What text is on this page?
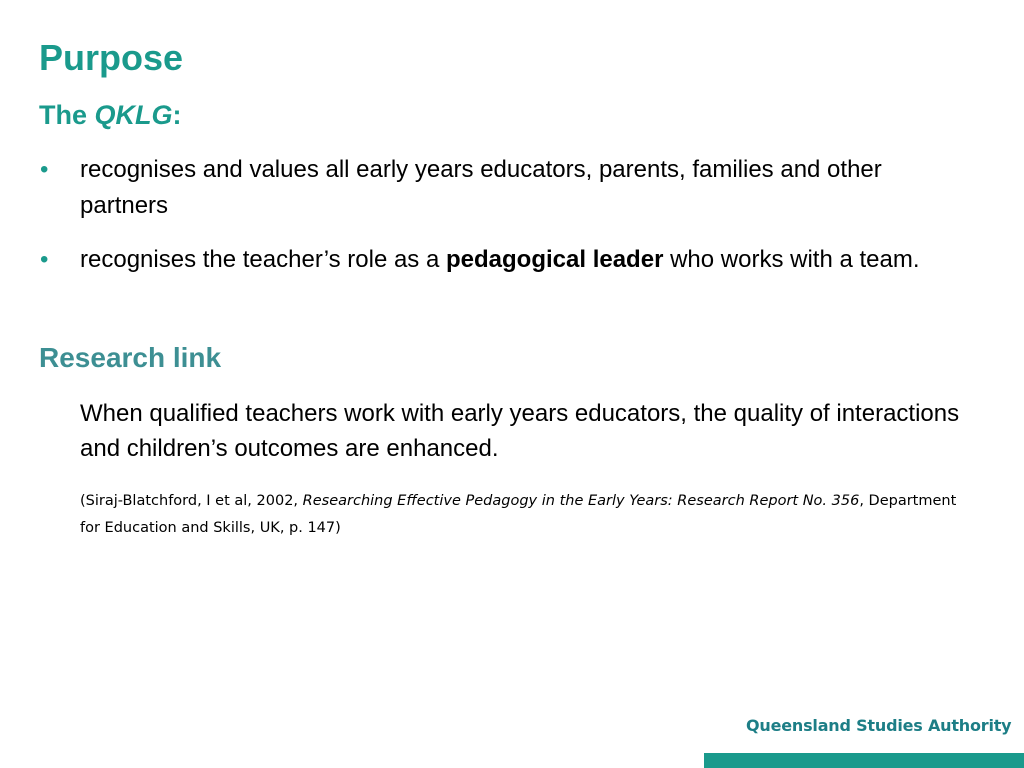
Purpose
The QKLG:
• recognises and values all early years educators, parents, families and other partners
• recognises the teacher’s role as a pedagogical leader who works with a team.
Research link
When qualified teachers work with early years educators, the quality of interactions and children’s outcomes are enhanced.
(Siraj-Blatchford, I et al, 2002, Researching Effective Pedagogy in the Early Years: Research Report No. 356, Department for Education and Skills, UK, p. 147)
Queensland Studies Authority
